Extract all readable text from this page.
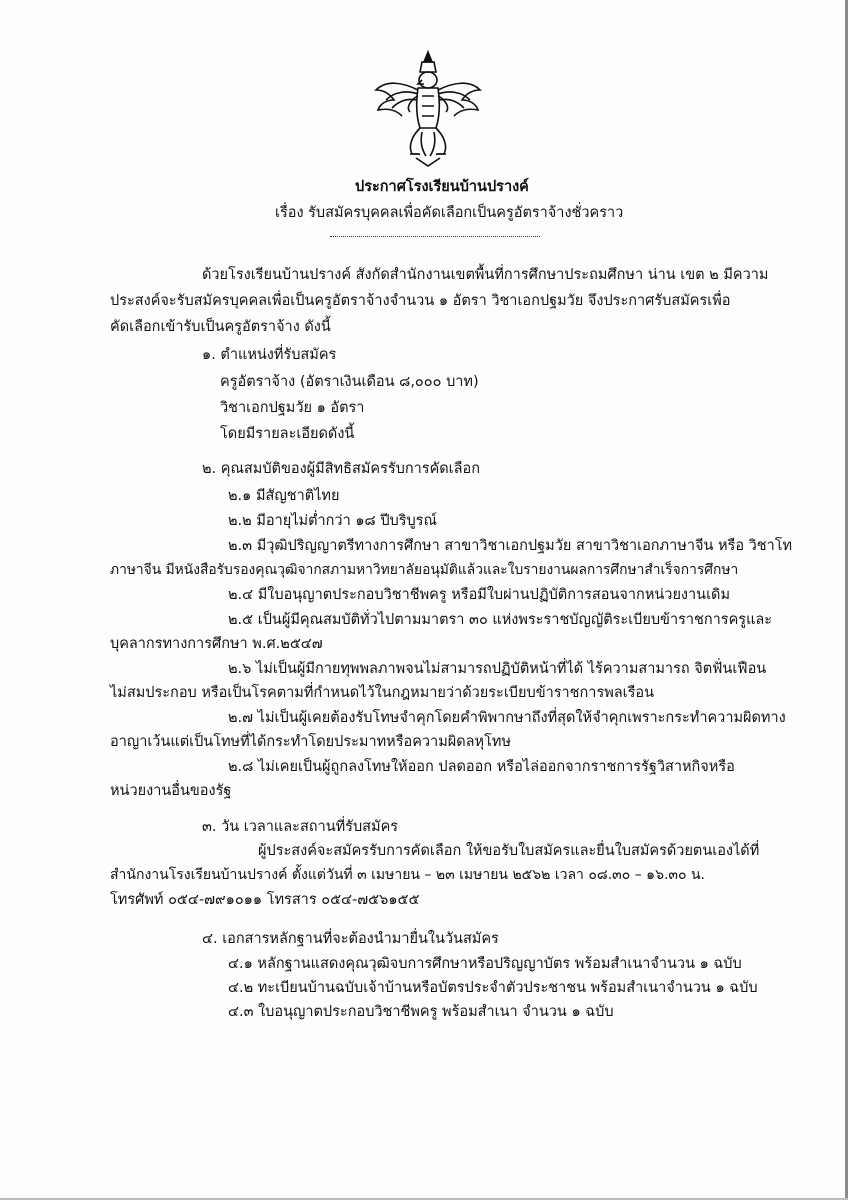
ประกาศโรงเรียนบ้านปรางค์
เรื่อง รับสมัครบุคคลเพื่อคัดเลือกเป็นครูอัตราจ้างชั่วคราว
ด้วยโรงเรียนบ้านปรางค์ สังกัดสำนักงานเขตพื้นที่การศึกษาประถมศึกษา น่าน เขต ๒ มีความ
ประสงค์จะรับสมัครบุคคลเพื่อเป็นครูอัตราจ้างจำนวน ๑ อัตรา วิชาเอกปฐมวัย จึงประกาศรับสมัครเพื่อ
คัดเลือกเข้ารับเป็นครูอัตราจ้าง ดังนี้
๑. ตำแหน่งที่รับสมัคร
ครูอัตราจ้าง (อัตราเงินเดือน ๘,๐๐๐ บาท)
วิชาเอกปฐมวัย ๑ อัตรา
โดยมีรายละเอียดดังนี้
๒. คุณสมบัติของผู้มีสิทธิสมัครรับการคัดเลือก
๒.๑ มีสัญชาติไทย
๒.๒ มีอายุไม่ต่ำกว่า ๑๘ ปีบริบูรณ์
๒.๓ มีวุฒิปริญญาตรีทางการศึกษา สาขาวิชาเอกปฐมวัย สาขาวิชาเอกภาษาจีน หรือ วิชาโท
ภาษาจีน มีหนังสือรับรองคุณวุฒิจากสภามหาวิทยาลัยอนุมัติแล้วและใบรายงานผลการศึกษาสำเร็จการศึกษา
๒.๔ มีใบอนุญาตประกอบวิชาชีพครู หรือมีใบผ่านปฏิบัติการสอนจากหน่วยงานเดิม
๒.๕ เป็นผู้มีคุณสมบัติทั่วไปตามมาตรา ๓๐ แห่งพระราชบัญญัติระเบียบข้าราชการครูและ
บุคลากรทางการศึกษา พ.ศ.๒๕๔๗
๒.๖ ไม่เป็นผู้มีกายทุพพลภาพจนไม่สามารถปฏิบัติหน้าที่ได้ ไร้ความสามารถ จิตฟั่นเฟือน
ไม่สมประกอบ หรือเป็นโรคตามที่กำหนดไว้ในกฎหมายว่าด้วยระเบียบข้าราชการพลเรือน
๒.๗ ไม่เป็นผู้เคยต้องรับโทษจำคุกโดยคำพิพากษาถึงที่สุดให้จำคุกเพราะกระทำความผิดทาง
อาญาเว้นแต่เป็นโทษที่ได้กระทำโดยประมาทหรือความผิดลหุโทษ
๒.๘ ไม่เคยเป็นผู้ถูกลงโทษให้ออก ปลดออก หรือไล่ออกจากราชการรัฐวิสาหกิจหรือ
หน่วยงานอื่นของรัฐ
๓. วัน เวลาและสถานที่รับสมัคร
ผู้ประสงค์จะสมัครรับการคัดเลือก ให้ขอรับใบสมัครและยื่นใบสมัครด้วยตนเองได้ที่
สำนักงานโรงเรียนบ้านปรางค์ ตั้งแต่วันที่ ๓ เมษายน – ๒๓ เมษายน ๒๕๖๒ เวลา ๐๘.๓๐ – ๑๖.๓๐ น.
โทรศัพท์ ๐๕๔-๗๙๑๐๑๑ โทรสาร ๐๕๔-๗๕๖๑๕๕
๔. เอกสารหลักฐานที่จะต้องนำมายื่นในวันสมัคร
๔.๑ หลักฐานแสดงคุณวุฒิจบการศึกษาหรือปริญญาบัตร พร้อมสำเนาจำนวน ๑ ฉบับ
๔.๒ ทะเบียนบ้านฉบับเจ้าบ้านหรือบัตรประจำตัวประชาชน พร้อมสำเนาจำนวน ๑ ฉบับ
๔.๓ ใบอนุญาตประกอบวิชาชีพครู พร้อมสำเนา จำนวน ๑ ฉบับ
